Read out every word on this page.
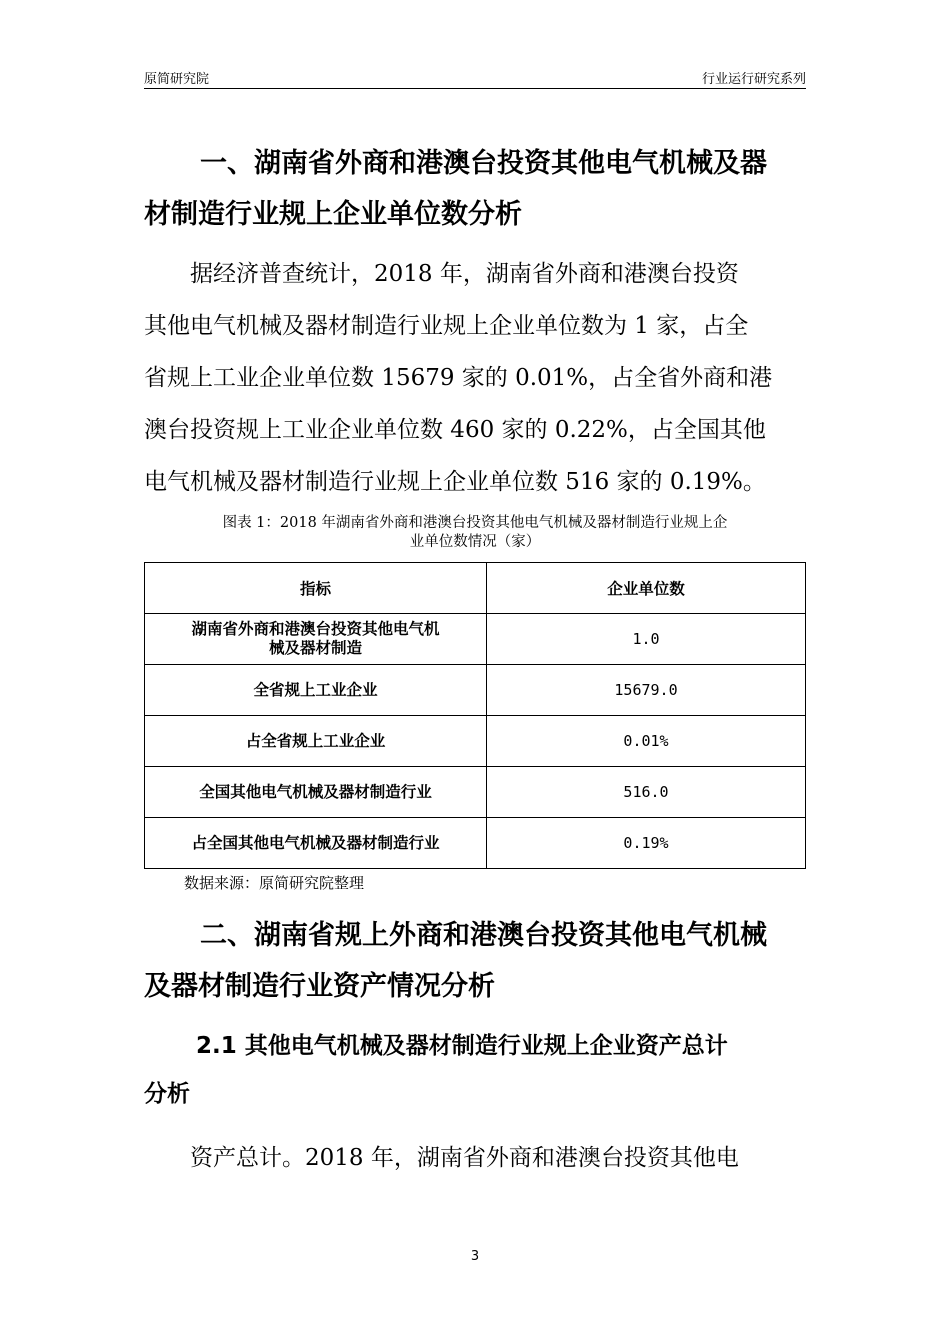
原简研究院	行业运行研究系列
一、湖南省外商和港澳台投资其他电气机械及器
材制造行业规上企业单位数分析
据经济普查统计，2018 年，湖南省外商和港澳台投资
其他电气机械及器材制造行业规上企业单位数为 1 家，占全
省规上工业企业单位数 15679 家的 0.01%，占全省外商和港
澳台投资规上工业企业单位数 460 家的 0.22%，占全国其他
电气机械及器材制造行业规上企业单位数 516 家的 0.19%。
图表 1：2018 年湖南省外商和港澳台投资其他电气机械及器材制造行业规上企
业单位数情况（家）
指标	企业单位数

湖南省外商和港澳台投资其他电气机
械及器材制造	1.0
全省规上工业企业	15679.0
占全省规上工业企业	0.01%
全国其他电气机械及器材制造行业	516.0
占全国其他电气机械及器材制造行业	0.19%
数据来源：原简研究院整理
二、湖南省规上外商和港澳台投资其他电气机械
及器材制造行业资产情况分析
2.1 其他电气机械及器材制造行业规上企业资产总计
分析
资产总计。2018 年，湖南省外商和港澳台投资其他电
3
